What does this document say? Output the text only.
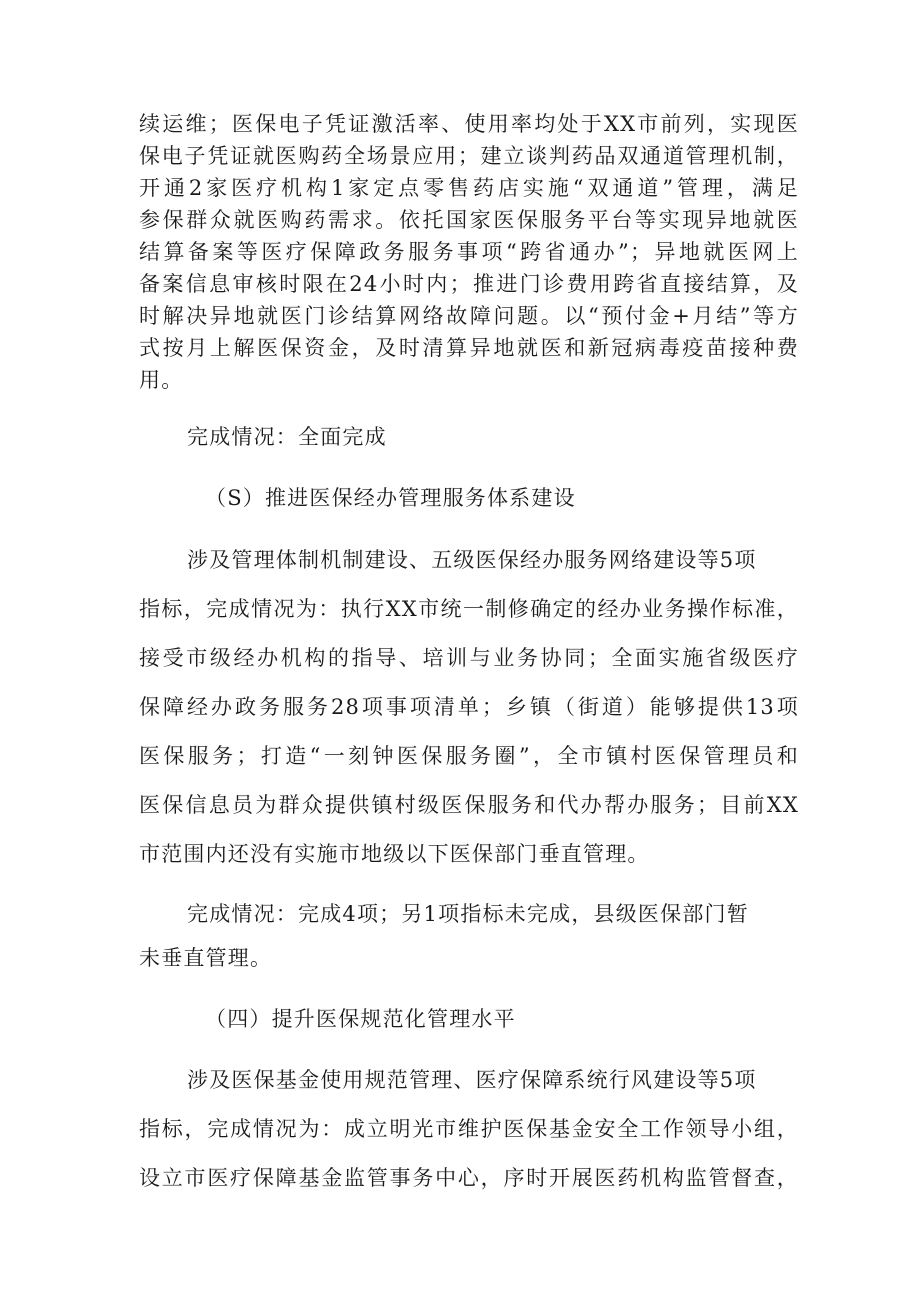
续运维；医保电子凭证激活率、使用率均处于XX市前列，实现医

保电子凭证就医购药全场景应用；建立谈判药品双通道管理机制，

开通2家医疗机构1家定点零售药店实施“双通道”管理，满足

参保群众就医购药需求。依托国家医保服务平台等实现异地就医

结算备案等医疗保障政务服务事项“跨省通办”；异地就医网上

备案信息审核时限在24小时内；推进门诊费用跨省直接结算，及

时解决异地就医门诊结算网络故障问题。以“预付金+月结”等方

式按月上解医保资金，及时清算异地就医和新冠病毒疫苗接种费

用。

完成情况：全面完成

（S）推进医保经办管理服务体系建设

涉及管理体制机制建设、五级医保经办服务网络建设等5项

指标，完成情况为：执行XX市统一制修确定的经办业务操作标准，

接受市级经办机构的指导、培训与业务协同；全面实施省级医疗

保障经办政务服务28项事项清单；乡镇（街道）能够提供13项

医保服务；打造“一刻钟医保服务圈”，全市镇村医保管理员和

医保信息员为群众提供镇村级医保服务和代办帮办服务；目前XX

市范围内还没有实施市地级以下医保部门垂直管理。

完成情况：完成4项；另1项指标未完成，县级医保部门暂

未垂直管理。

（四）提升医保规范化管理水平

涉及医保基金使用规范管理、医疗保障系统行风建设等5项

指标，完成情况为：成立明光市维护医保基金安全工作领导小组，

设立市医疗保障基金监管事务中心，序时开展医药机构监管督查，
